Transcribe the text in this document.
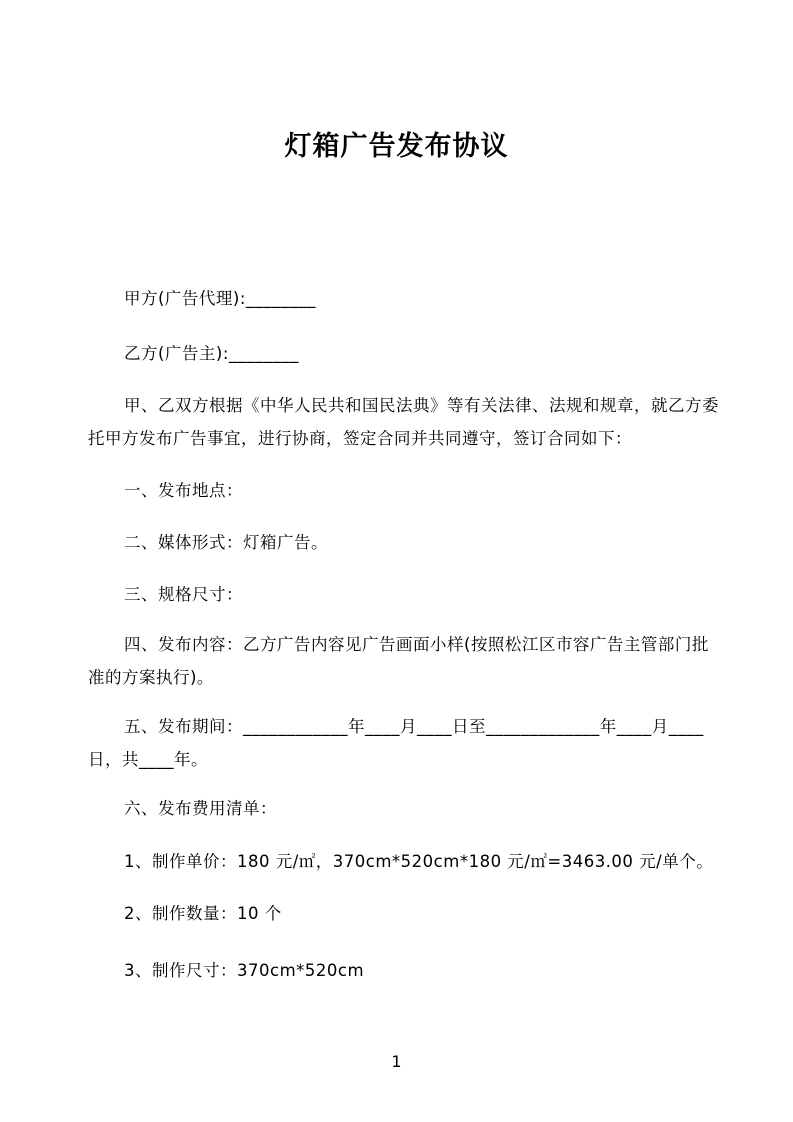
灯箱广告发布协议
甲方(广告代理):________
乙方(广告主):________
甲、乙双方根据《中华人民共和国民法典》等有关法律、法规和规章，就乙方委
托甲方发布广告事宜，进行协商，签定合同并共同遵守，签订合同如下：
一、发布地点：
二、媒体形式：灯箱广告。
三、规格尺寸：
四、发布内容：乙方广告内容见广告画面小样(按照松江区市容广告主管部门批
准的方案执行)。
五、发布期间：____________年____月____日至_____________年____月____
日，共____年。
六、发布费用清单：
1、制作单价：180 元/㎡，370cm*520cm*180 元/㎡=3463.00 元/单个。
2、制作数量：10 个
3、制作尺寸：370cm*520cm
1
